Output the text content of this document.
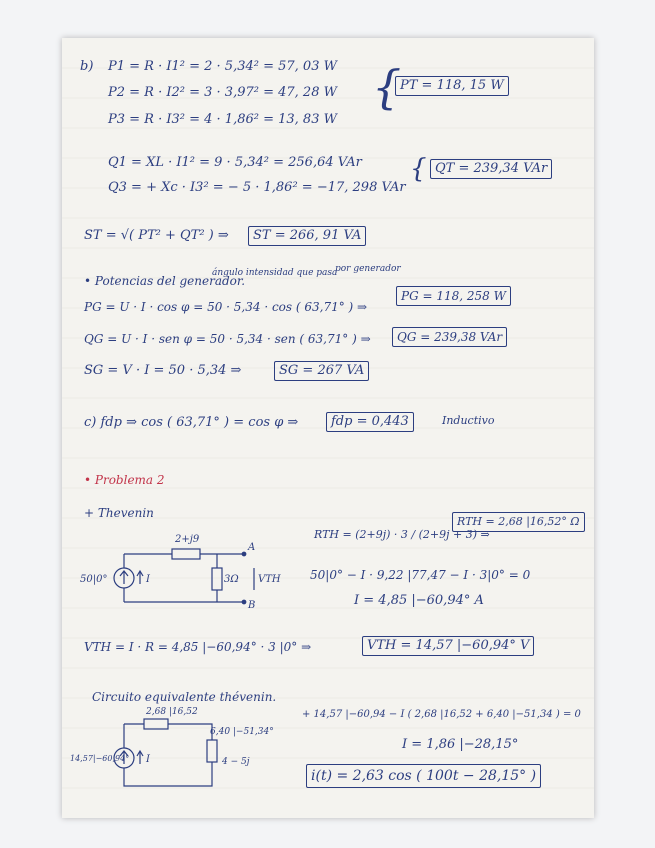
b) P1 = R · I1² = 2 · 5,34² = 57, 03 W
P2 = R · I2² = 3 · 3,97² = 47, 28 W
P3 = R · I3² = 4 · 1,86² = 13, 83 W
{
PT = 118, 15 W
Q1 = XL · I1² = 9 · 5,34² = 256,64 VAr
Q3 = + Xc · I3² = − 5 · 1,86² = −17, 298 VAr
{ QT = 239,34 VAr
ST = √( PT² + QT² ) ⇒	ST = 266, 91 VA
• Potencias del generador.
ángulo intensidad que pasa
por generador
PG = U · I · cos φ = 50 · 5,34 · cos ( 63,71° ) ⇒
PG = 118, 258 W
QG = U · I · sen φ = 50 · 5,34 · sen ( 63,71° ) ⇒	QG = 239,38 VAr
SG = V · I = 50 · 5,34 ⇒	SG = 267 VA
c) fdp ⇒ cos ( 63,71° ) = cos φ ⇒	fdp = 0,443	Inductivo
• Problema 2
+ Thevenin
2+j9
50|0°	I	3Ω
A
B
VTH
RTH = (2+9j) · 3 / (2+9j + 3) ⇒
RTH = 2,68 |16,52° Ω
50|0° − I · 9,22 |77,47 − I · 3|0° = 0
I = 4,85 |−60,94° A
VTH = I · R = 4,85 |−60,94° · 3 |0° ⇒	VTH = 14,57 |−60,94° V
Circuito equivalente thévenin.
2,68 |16,52
6,40 |−51,34°
4 − 5j
14,57|−60,94° I
+ 14,57 |−60,94 − I ( 2,68 |16,52 + 6,40 |−51,34 ) = 0
I = 1,86 |−28,15°
i(t) = 2,63 cos ( 100t − 28,15° )
